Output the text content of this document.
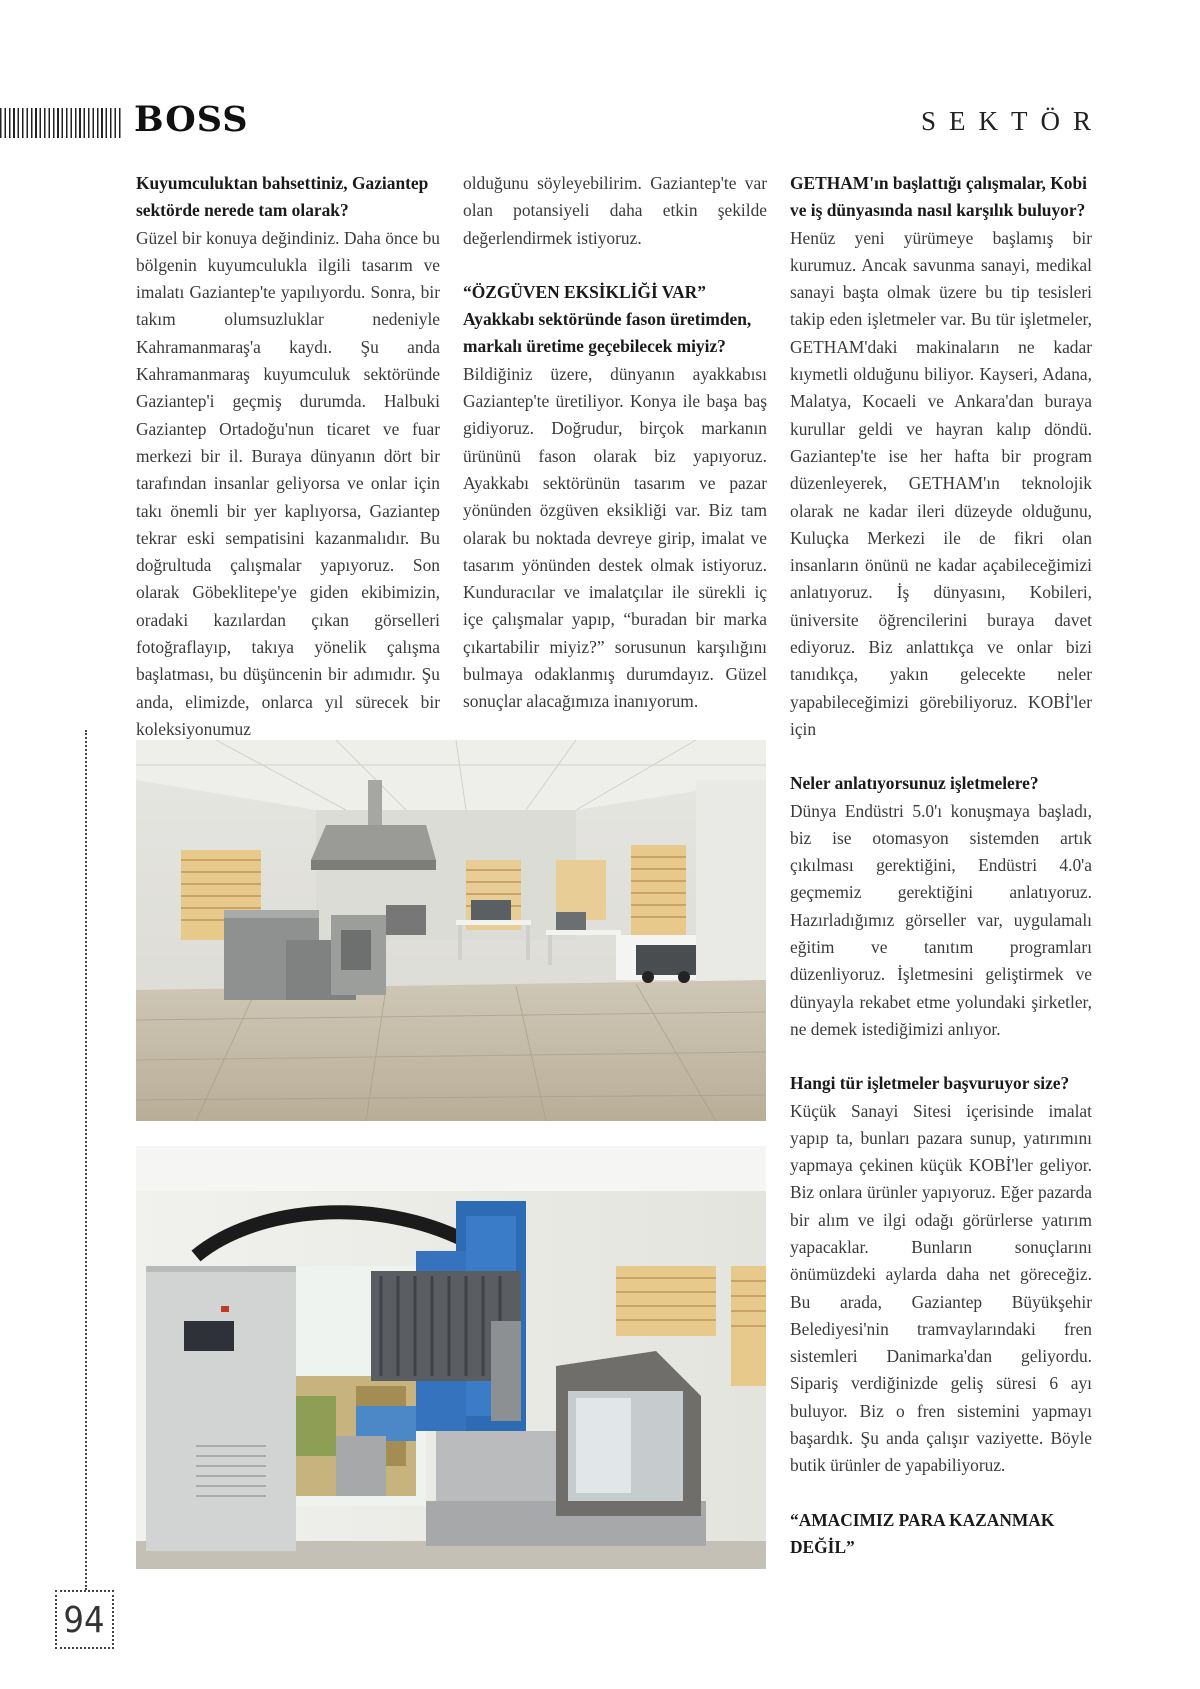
BOSS	SEKTÖR

Kuyumculuktan bahsettiniz, Gaziantep sektörde nerede tam olarak?

Güzel bir konuya değindiniz. Daha önce bu bölgenin kuyumculukla ilgili tasarım ve imalatı Gaziantep'te yapılıyordu. Sonra, bir takım olumsuzluklar nedeniyle Kahramanmaraş'a kaydı. Şu anda Kahramanmaraş kuyumculuk sektöründe Gaziantep'i geçmiş durumda. Halbuki Gaziantep Ortadoğu'nun ticaret ve fuar merkezi bir il. Buraya dünyanın dört bir tarafından insanlar geliyorsa ve onlar için takı önemli bir yer kaplıyorsa, Gaziantep tekrar eski sempatisini kazanmalıdır. Bu doğrultuda çalışmalar yapıyoruz. Son olarak Göbeklitepe'ye giden ekibimizin, oradaki kazılardan çıkan görselleri fotoğraflayıp, takıya yönelik çalışma başlatması, bu düşüncenin bir adımıdır. Şu anda, elimizde, onlarca yıl sürecek bir koleksiyonumuz

olduğunu söyleyebilirim. Gaziantep'te var olan potansiyeli daha etkin şekilde değerlendirmek istiyoruz.

“ÖZGÜVEN EKSİKLİĞİ VAR”

Ayakkabı sektöründe fason üretimden, markalı üretime geçebilecek miyiz?

Bildiğiniz üzere, dünyanın ayakkabısı Gaziantep'te üretiliyor. Konya ile başa baş gidiyoruz. Doğrudur, birçok markanın ürününü fason olarak biz yapıyoruz. Ayakkabı sektörünün tasarım ve pazar yönünden özgüven eksikliği var. Biz tam olarak bu noktada devreye girip, imalat ve tasarım yönünden destek olmak istiyoruz. Kunduracılar ve imalatçılar ile sürekli iç içe çalışmalar yapıp, “buradan bir marka çıkartabilir miyiz?” sorusunun karşılığını bulmaya odaklanmış durumdayız. Güzel sonuçlar alacağımıza inanıyorum.

GETHAM'ın başlattığı çalışmalar, Kobi ve iş dünyasında nasıl karşılık buluyor?

Henüz yeni yürümeye başlamış bir kurumuz. Ancak savunma sanayi, medikal sanayi başta olmak üzere bu tip tesisleri takip eden işletmeler var. Bu tür işletmeler, GETHAM'daki makinaların ne kadar kıymetli olduğunu biliyor. Kayseri, Adana, Malatya, Kocaeli ve Ankara'dan buraya kurullar geldi ve hayran kalıp döndü. Gaziantep'te ise her hafta bir program düzenleyerek, GETHAM'ın teknolojik olarak ne kadar ileri düzeyde olduğunu, Kuluçka Merkezi ile de fikri olan insanların önünü ne kadar açabileceğimizi anlatıyoruz. İş dünyasını, Kobileri, üniversite öğrencilerini buraya davet ediyoruz. Biz anlattıkça ve onlar bizi tanıdıkça, yakın gelecekte neler yapabileceğimizi görebiliyoruz. KOBİ'ler için

Neler anlatıyorsunuz işletmelere?

Dünya Endüstri 5.0'ı konuşmaya başladı, biz ise otomasyon sistemden artık çıkılması gerektiğini, Endüstri 4.0'a geçmemiz gerektiğini anlatıyoruz. Hazırladığımız görseller var, uygulamalı eğitim ve tanıtım programları düzenliyoruz. İşletmesini geliştirmek ve dünyayla rekabet etme yolundaki şirketler, ne demek istediğimizi anlıyor.

Hangi tür işletmeler başvuruyor size?

Küçük Sanayi Sitesi içerisinde imalat yapıp ta, bunları pazara sunup, yatırımını yapmaya çekinen küçük KOBİ'ler geliyor. Biz onlara ürünler yapıyoruz. Eğer pazarda bir alım ve ilgi odağı görürlerse yatırım yapacaklar. Bunların sonuçlarını önümüzdeki aylarda daha net göreceğiz. Bu arada, Gaziantep Büyükşehir Belediyesi'nin tramvaylarındaki fren sistemleri Danimarka'dan geliyordu. Sipariş verdiğinizde geliş süresi 6 ayı buluyor. Biz o fren sistemini yapmayı başardık. Şu anda çalışır vaziyette. Böyle butik ürünler de yapabiliyoruz.

“AMACIMIZ PARA KAZANMAK DEĞİL”

94
